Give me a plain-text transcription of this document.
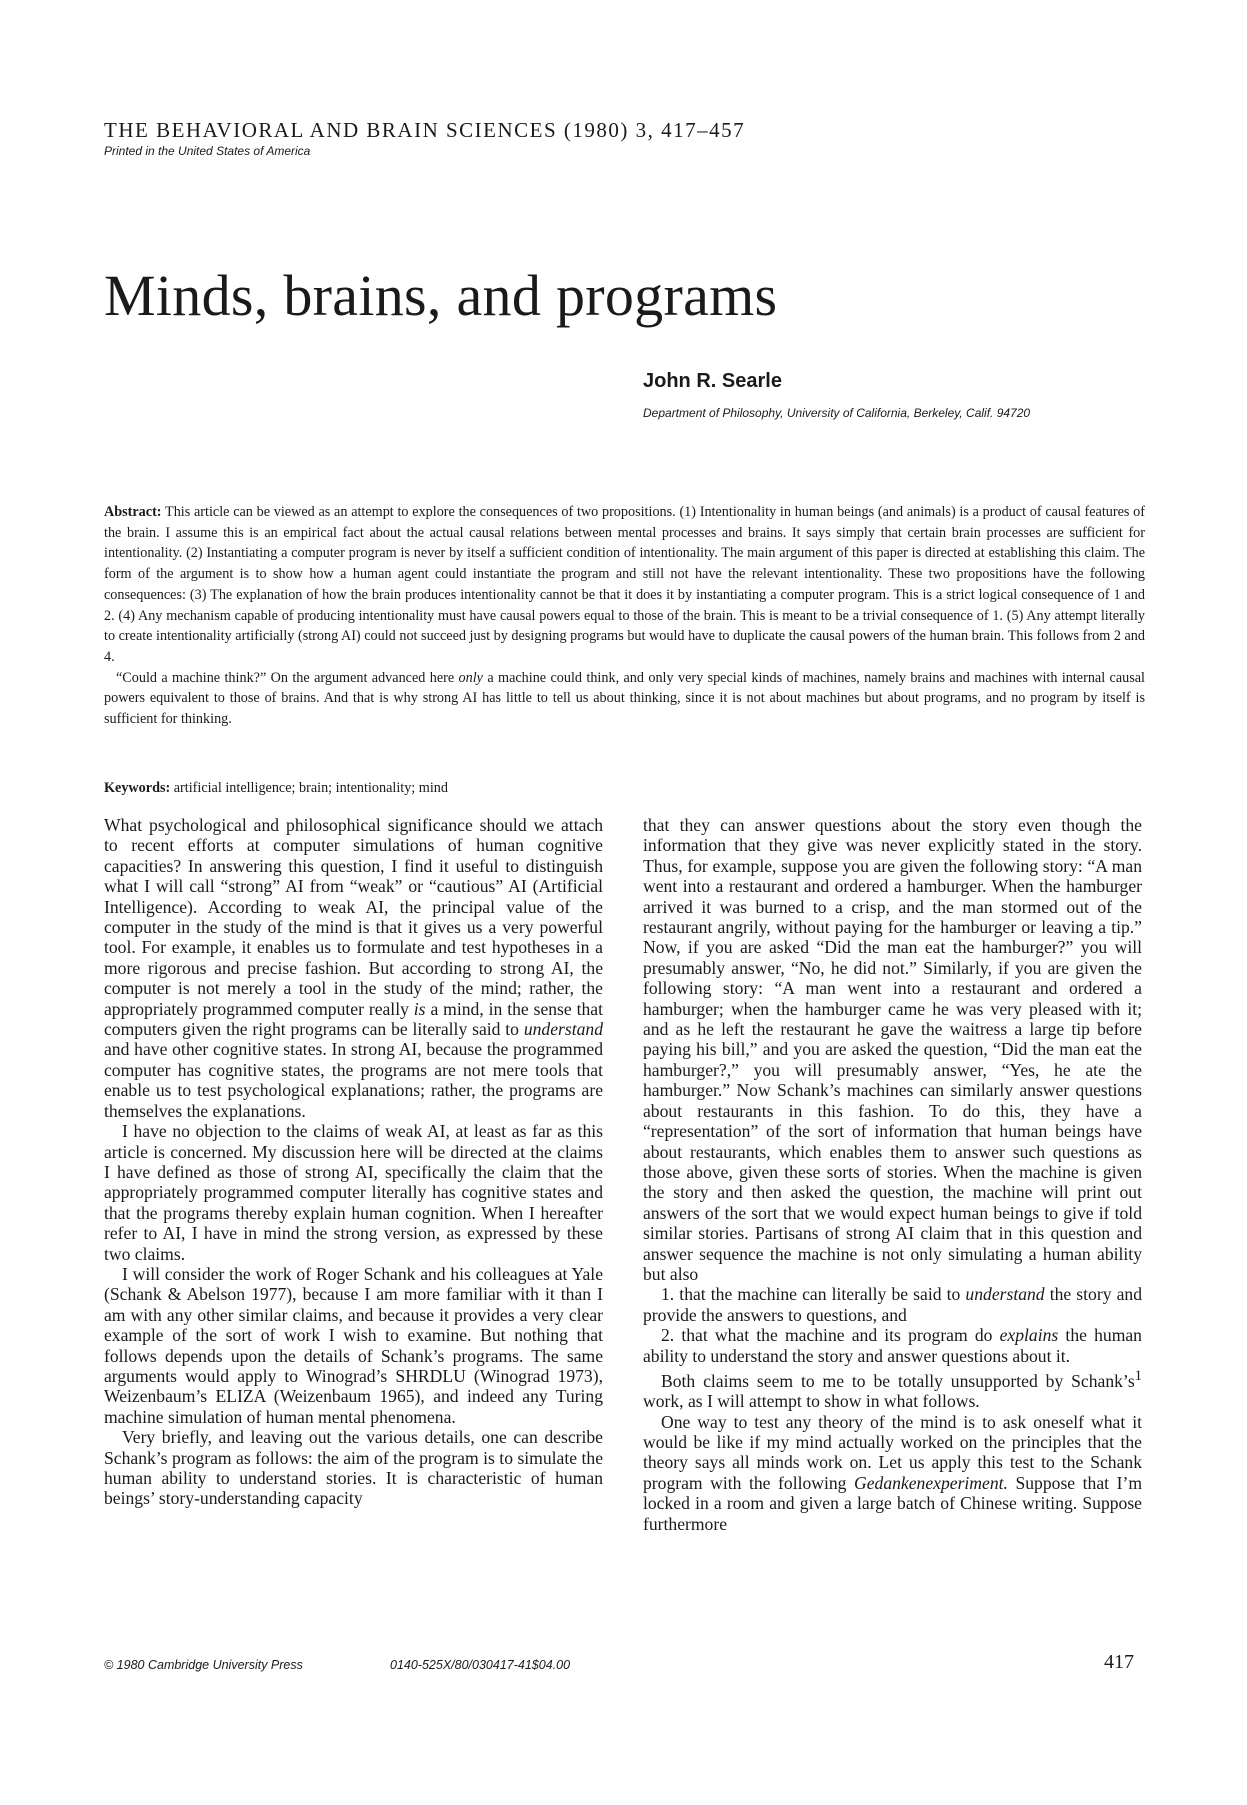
THE BEHAVIORAL AND BRAIN SCIENCES (1980) 3, 417–457
Printed in the United States of America
Minds, brains, and programs
John R. Searle
Department of Philosophy, University of California, Berkeley, Calif. 94720

Abstract: This article can be viewed as an attempt to explore the consequences of two propositions. (1) Intentionality in human beings (and animals) is a product of causal features of the brain. I assume this is an empirical fact about the actual causal relations between mental processes and brains. It says simply that certain brain processes are sufficient for intentionality. (2) Instantiating a computer program is never by itself a sufficient condition of intentionality. The main argument of this paper is directed at establishing this claim. The form of the argument is to show how a human agent could instantiate the program and still not have the relevant intentionality. These two propositions have the following consequences: (3) The explanation of how the brain produces intentionality cannot be that it does it by instantiating a computer program. This is a strict logical consequence of 1 and 2. (4) Any mechanism capable of producing intentionality must have causal powers equal to those of the brain. This is meant to be a trivial consequence of 1. (5) Any attempt literally to create intentionality artificially (strong AI) could not succeed just by designing programs but would have to duplicate the causal powers of the human brain. This follows from 2 and 4.

“Could a machine think?” On the argument advanced here only a machine could think, and only very special kinds of machines, namely brains and machines with internal causal powers equivalent to those of brains. And that is why strong AI has little to tell us about thinking, since it is not about machines but about programs, and no program by itself is sufficient for thinking.

Keywords: artificial intelligence; brain; intentionality; mind

What psychological and philosophical significance should we attach to recent efforts at computer simulations of human cognitive capacities? In answering this question, I find it useful to distinguish what I will call “strong” AI from “weak” or “cautious” AI (Artificial Intelligence). According to weak AI, the principal value of the computer in the study of the mind is that it gives us a very powerful tool. For example, it enables us to formulate and test hypotheses in a more rigorous and precise fashion. But according to strong AI, the computer is not merely a tool in the study of the mind; rather, the appropriately programmed computer really is a mind, in the sense that computers given the right programs can be literally said to understand and have other cognitive states. In strong AI, because the programmed computer has cognitive states, the programs are not mere tools that enable us to test psychological explanations; rather, the programs are themselves the explanations.

I have no objection to the claims of weak AI, at least as far as this article is concerned. My discussion here will be directed at the claims I have defined as those of strong AI, specifically the claim that the appropriately programmed computer literally has cognitive states and that the programs thereby explain human cognition. When I hereafter refer to AI, I have in mind the strong version, as expressed by these two claims.

I will consider the work of Roger Schank and his colleagues at Yale (Schank & Abelson 1977), because I am more familiar with it than I am with any other similar claims, and because it provides a very clear example of the sort of work I wish to examine. But nothing that follows depends upon the details of Schank’s programs. The same arguments would apply to Winograd’s SHRDLU (Winograd 1973), Weizenbaum’s ELIZA (Weizenbaum 1965), and indeed any Turing machine simulation of human mental phenomena.

Very briefly, and leaving out the various details, one can describe Schank’s program as follows: the aim of the program is to simulate the human ability to understand stories. It is characteristic of human beings’ story-understanding capacity

that they can answer questions about the story even though the information that they give was never explicitly stated in the story. Thus, for example, suppose you are given the following story: “A man went into a restaurant and ordered a hamburger. When the hamburger arrived it was burned to a crisp, and the man stormed out of the restaurant angrily, without paying for the hamburger or leaving a tip.” Now, if you are asked “Did the man eat the hamburger?” you will presumably answer, “No, he did not.” Similarly, if you are given the following story: “A man went into a restaurant and ordered a hamburger; when the hamburger came he was very pleased with it; and as he left the restaurant he gave the waitress a large tip before paying his bill,” and you are asked the question, “Did the man eat the hamburger?,” you will presumably answer, “Yes, he ate the hamburger.” Now Schank’s machines can similarly answer questions about restaurants in this fashion. To do this, they have a “representation” of the sort of information that human beings have about restaurants, which enables them to answer such questions as those above, given these sorts of stories. When the machine is given the story and then asked the question, the machine will print out answers of the sort that we would expect human beings to give if told similar stories. Partisans of strong AI claim that in this question and answer sequence the machine is not only simulating a human ability but also

1. that the machine can literally be said to understand the story and provide the answers to questions, and

2. that what the machine and its program do explains the human ability to understand the story and answer questions about it.

Both claims seem to me to be totally unsupported by $Schank’s^1$ work, as I will attempt to show in what follows.

One way to test any theory of the mind is to ask oneself what it would be like if my mind actually worked on the principles that the theory says all minds work on. Let us apply this test to the Schank program with the following Gedankenexperiment. Suppose that I’m locked in a room and given a large batch of Chinese writing. Suppose furthermore

© 1980 Cambridge University Press	0140-525X/80/030417-41$04.00	417
